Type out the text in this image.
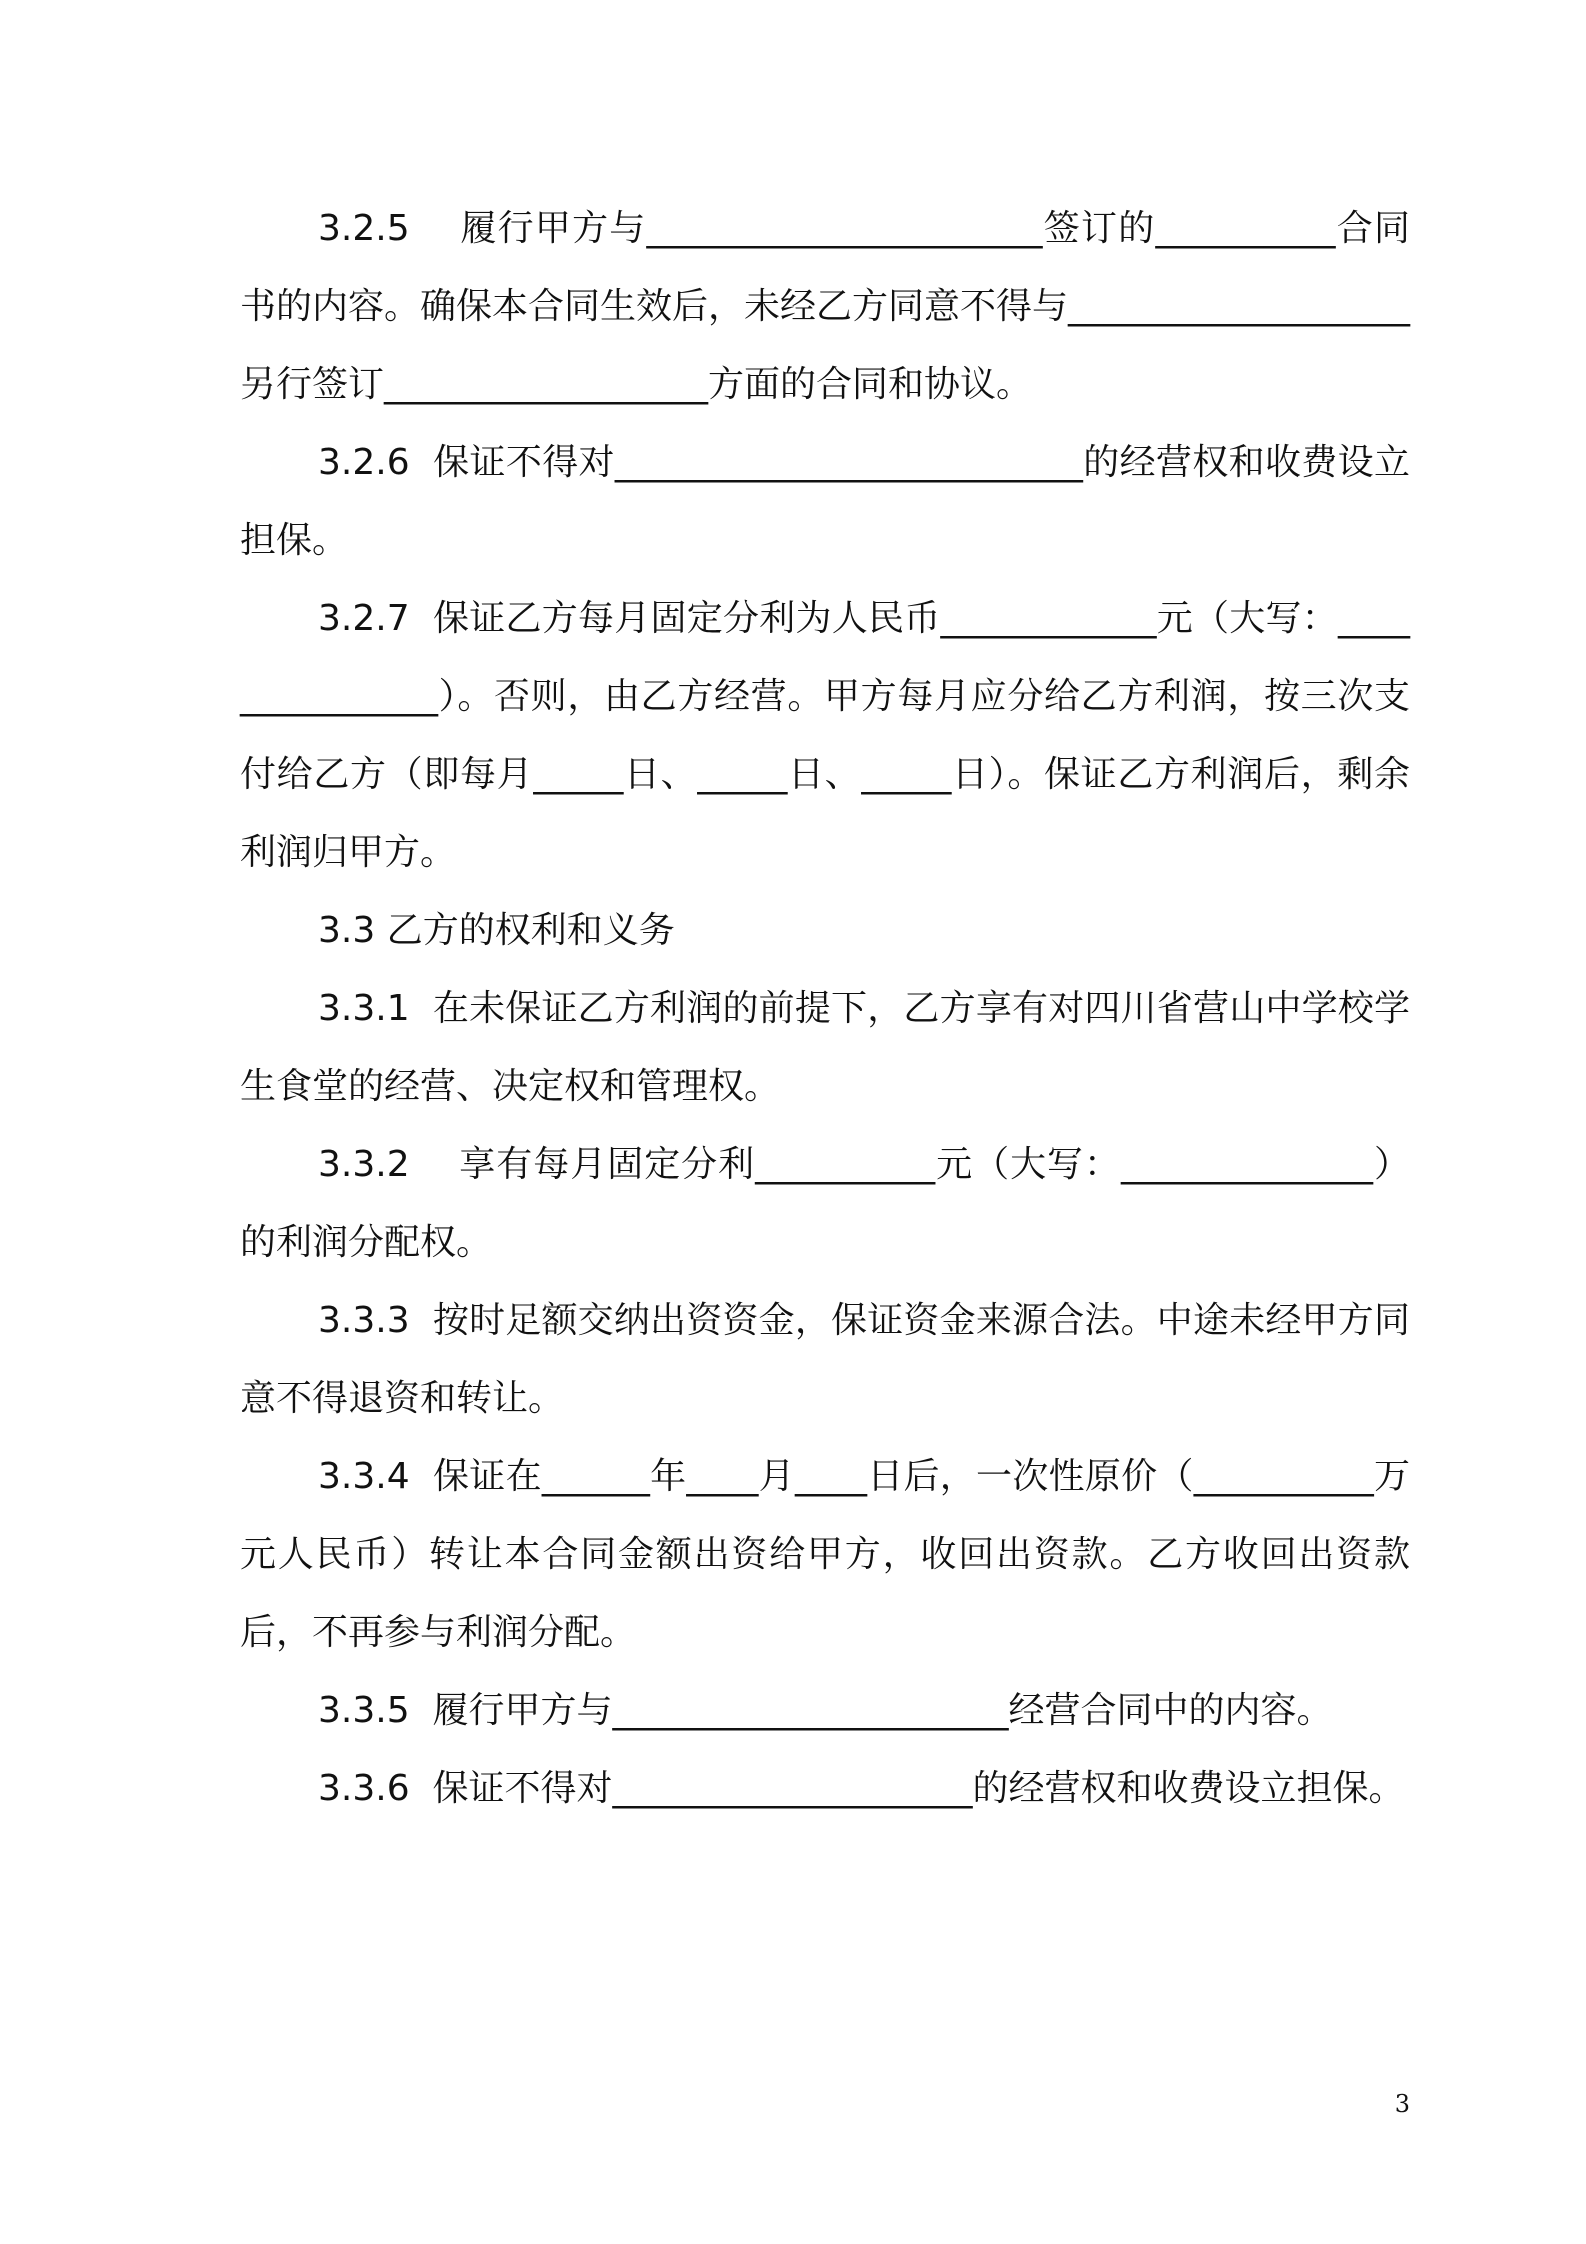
3.2.5    履行甲方与______________________签订的__________合同书的内容。确保本合同生效后，未经乙方同意不得与___________________另行签订__________________方面的合同和协议。

3.2.6  保证不得对__________________________的经营权和收费设立担保。

3.2.7  保证乙方每月固定分利为人民币____________元（大写：_______________）。否则，由乙方经营。甲方每月应分给乙方利润，按三次支付给乙方（即每月_____日、_____日、_____日）。保证乙方利润后，剩余利润归甲方。

3.3 乙方的权利和义务

3.3.1  在未保证乙方利润的前提下，乙方享有对四川省营山中学校学生食堂的经营、决定权和管理权。

3.3.2    享有每月固定分利__________元（大写：______________）的利润分配权。

3.3.3  按时足额交纳出资资金，保证资金来源合法。中途未经甲方同意不得退资和转让。

3.3.4  保证在______年____月____日后，一次性原价（__________万元人民币）转让本合同金额出资给甲方，收回出资款。乙方收回出资款后，不再参与利润分配。

3.3.5  履行甲方与______________________经营合同中的内容。

3.3.6  保证不得对____________________的经营权和收费设立担保。

3
